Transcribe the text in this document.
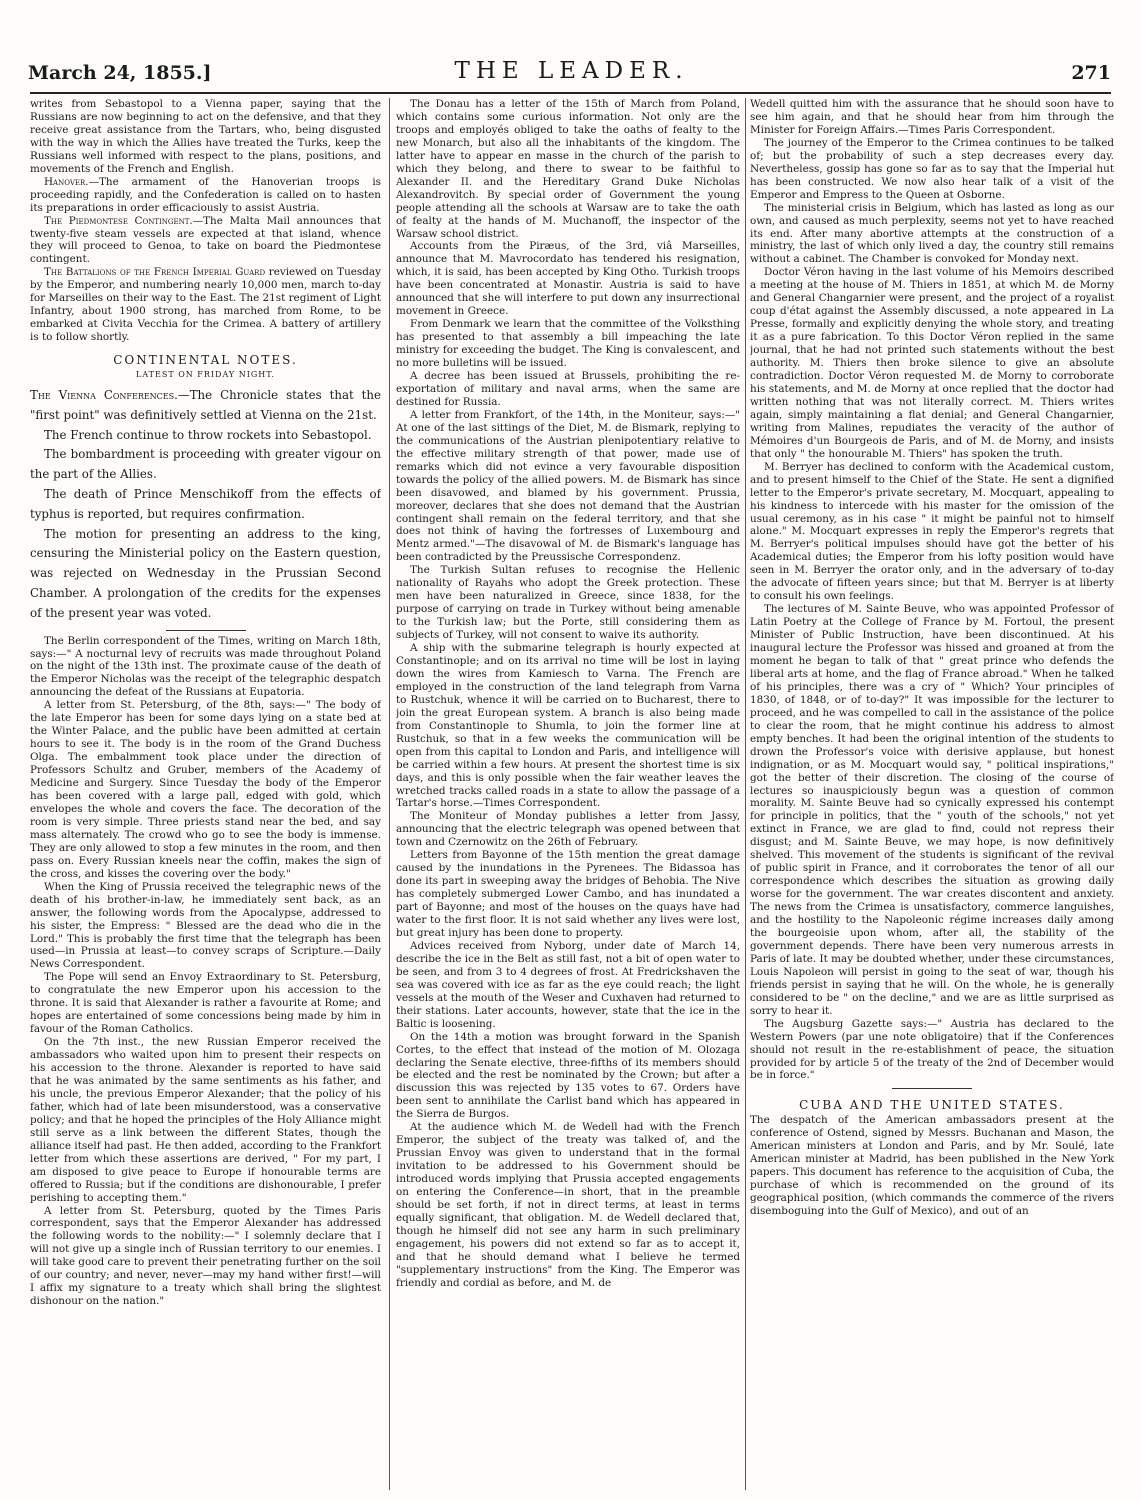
March 24, 1855.]	THE LEADER.	271

writes from Sebastopol to a Vienna paper, saying that the Russians are now beginning to act on the defensive, and that they receive great assistance from the Tartars, who, being disgusted with the way in which the Allies have treated the Turks, keep the Russians well informed with respect to the plans, positions, and movements of the French and English.

Hanover.—The armament of the Hanoverian troops is proceeding rapidly, and the Confederation is called on to hasten its preparations in order efficaciously to assist Austria.

The Piedmontese Contingent.—The Malta Mail announces that twenty-five steam vessels are expected at that island, whence they will proceed to Genoa, to take on board the Piedmontese contingent.

The Battalions of the French Imperial Guard reviewed on Tuesday by the Emperor, and numbering nearly 10,000 men, march to-day for Marseilles on their way to the East. The 21st regiment of Light Infantry, about 1900 strong, has marched from Rome, to be embarked at Civita Vecchia for the Crimea. A battery of artillery is to follow shortly.

CONTINENTAL NOTES.
LATEST ON FRIDAY NIGHT.

The Vienna Conferences.—The Chronicle states that the "first point" was definitively settled at Vienna on the 21st.

The French continue to throw rockets into Sebastopol.

The bombardment is proceeding with greater vigour on the part of the Allies.

The death of Prince Menschikoff from the effects of typhus is reported, but requires confirmation.

The motion for presenting an address to the king, censuring the Ministerial policy on the Eastern question, was rejected on Wednesday in the Prussian Second Chamber. A prolongation of the credits for the expenses of the present year was voted.

The Berlin correspondent of the Times, writing on March 18th, says:—" A nocturnal levy of recruits was made throughout Poland on the night of the 13th inst. The proximate cause of the death of the Emperor Nicholas was the receipt of the telegraphic despatch announcing the defeat of the Russians at Eupatoria.

A letter from St. Petersburg, of the 8th, says:—" The body of the late Emperor has been for some days lying on a state bed at the Winter Palace, and the public have been admitted at certain hours to see it. The body is in the room of the Grand Duchess Olga. The embalmment took place under the direction of Professors Schultz and Gruber, members of the Academy of Medicine and Surgery. Since Tuesday the body of the Emperor has been covered with a large pall, edged with gold, which envelopes the whole and covers the face. The decoration of the room is very simple. Three priests stand near the bed, and say mass alternately. The crowd who go to see the body is immense. They are only allowed to stop a few minutes in the room, and then pass on. Every Russian kneels near the coffin, makes the sign of the cross, and kisses the covering over the body."

When the King of Prussia received the telegraphic news of the death of his brother-in-law, he immediately sent back, as an answer, the following words from the Apocalypse, addressed to his sister, the Empress: " Blessed are the dead who die in the Lord." This is probably the first time that the telegraph has been used—in Prussia at least—to convey scraps of Scripture.—Daily News Correspondent.

The Pope will send an Envoy Extraordinary to St. Petersburg, to congratulate the new Emperor upon his accession to the throne. It is said that Alexander is rather a favourite at Rome; and hopes are entertained of some concessions being made by him in favour of the Roman Catholics.

On the 7th inst., the new Russian Emperor received the ambassadors who waited upon him to present their respects on his accession to the throne. Alexander is reported to have said that he was animated by the same sentiments as his father, and his uncle, the previous Emperor Alexander; that the policy of his father, which had of late been misunderstood, was a conservative policy; and that he hoped the principles of the Holy Alliance might still serve as a link between the different States, though the alliance itself had past. He then added, according to the Frankfort letter from which these assertions are derived, " For my part, I am disposed to give peace to Europe if honourable terms are offered to Russia; but if the conditions are dishonourable, I prefer perishing to accepting them."

A letter from St. Petersburg, quoted by the Times Paris correspondent, says that the Emperor Alexander has addressed the following words to the nobility:—" I solemnly declare that I will not give up a single inch of Russian territory to our enemies. I will take good care to prevent their penetrating further on the soil of our country; and never, never—may my hand wither first!—will I affix my signature to a treaty which shall bring the slightest dishonour on the nation."

The Donau has a letter of the 15th of March from Poland, which contains some curious information. Not only are the troops and employés obliged to take the oaths of fealty to the new Monarch, but also all the inhabitants of the kingdom. The latter have to appear en masse in the church of the parish to which they belong, and there to swear to be faithful to Alexander II. and the Hereditary Grand Duke Nicholas Alexandrovitch. By special order of Government the young people attending all the schools at Warsaw are to take the oath of fealty at the hands of M. Muchanoff, the inspector of the Warsaw school district.

Accounts from the Piræus, of the 3rd, viâ Marseilles, announce that M. Mavrocordato has tendered his resignation, which, it is said, has been accepted by King Otho. Turkish troops have been concentrated at Monastir. Austria is said to have announced that she will interfere to put down any insurrectional movement in Greece.

From Denmark we learn that the committee of the Volksthing has presented to that assembly a bill impeaching the late ministry for exceeding the budget. The King is convalescent, and no more bulletins will be issued.

A decree has been issued at Brussels, prohibiting the re-exportation of military and naval arms, when the same are destined for Russia.

A letter from Frankfort, of the 14th, in the Moniteur, says:—" At one of the last sittings of the Diet, M. de Bismark, replying to the communications of the Austrian plenipotentiary relative to the effective military strength of that power, made use of remarks which did not evince a very favourable disposition towards the policy of the allied powers. M. de Bismark has since been disavowed, and blamed by his government. Prussia, moreover, declares that she does not demand that the Austrian contingent shall remain on the federal territory, and that she does not think of having the fortresses of Luxembourg and Mentz armed."—The disavowal of M. de Bismark's language has been contradicted by the Preussische Correspondenz.

The Turkish Sultan refuses to recognise the Hellenic nationality of Rayahs who adopt the Greek protection. These men have been naturalized in Greece, since 1838, for the purpose of carrying on trade in Turkey without being amenable to the Turkish law; but the Porte, still considering them as subjects of Turkey, will not consent to waive its authority.

A ship with the submarine telegraph is hourly expected at Constantinople; and on its arrival no time will be lost in laying down the wires from Kamiesch to Varna. The French are employed in the construction of the land telegraph from Varna to Rustchuk, whence it will be carried on to Bucharest, there to join the great European system. A branch is also being made from Constantinople to Shumla, to join the former line at Rustchuk, so that in a few weeks the communication will be open from this capital to London and Paris, and intelligence will be carried within a few hours. At present the shortest time is six days, and this is only possible when the fair weather leaves the wretched tracks called roads in a state to allow the passage of a Tartar's horse.—Times Correspondent.

The Moniteur of Monday publishes a letter from Jassy, announcing that the electric telegraph was opened between that town and Czernowitz on the 26th of February.

Letters from Bayonne of the 15th mention the great damage caused by the inundations in the Pyrenees. The Bidassoa has done its part in sweeping away the bridges of Behobia. The Nive has completely submerged Lower Cambo, and has inundated a part of Bayonne; and most of the houses on the quays have had water to the first floor. It is not said whether any lives were lost, but great injury has been done to property.

Advices received from Nyborg, under date of March 14, describe the ice in the Belt as still fast, not a bit of open water to be seen, and from 3 to 4 degrees of frost. At Fredrickshaven the sea was covered with ice as far as the eye could reach; the light vessels at the mouth of the Weser and Cuxhaven had returned to their stations. Later accounts, however, state that the ice in the Baltic is loosening.

On the 14th a motion was brought forward in the Spanish Cortes, to the effect that instead of the motion of M. Olozaga declaring the Senate elective, three-fifths of its members should be elected and the rest be nominated by the Crown; but after a discussion this was rejected by 135 votes to 67. Orders have been sent to annihilate the Carlist band which has appeared in the Sierra de Burgos.

At the audience which M. de Wedell had with the French Emperor, the subject of the treaty was talked of, and the Prussian Envoy was given to understand that in the formal invitation to be addressed to his Government should be introduced words implying that Prussia accepted engagements on entering the Conference—in short, that in the preamble should be set forth, if not in direct terms, at least in terms equally significant, that obligation. M. de Wedell declared that, though he himself did not see any harm in such preliminary engagement, his powers did not extend so far as to accept it, and that he should demand what I believe he termed "supplementary instructions" from the King. The Emperor was friendly and cordial as before, and M. de

Wedell quitted him with the assurance that he should soon have to see him again, and that he should hear from him through the Minister for Foreign Affairs.—Times Paris Correspondent.

The journey of the Emperor to the Crimea continues to be talked of; but the probability of such a step decreases every day. Nevertheless, gossip has gone so far as to say that the Imperial hut has been constructed. We now also hear talk of a visit of the Emperor and Empress to the Queen at Osborne.

The ministerial crisis in Belgium, which has lasted as long as our own, and caused as much perplexity, seems not yet to have reached its end. After many abortive attempts at the construction of a ministry, the last of which only lived a day, the country still remains without a cabinet. The Chamber is convoked for Monday next.

Doctor Véron having in the last volume of his Memoirs described a meeting at the house of M. Thiers in 1851, at which M. de Morny and General Changarnier were present, and the project of a royalist coup d'état against the Assembly discussed, a note appeared in La Presse, formally and explicitly denying the whole story, and treating it as a pure fabrication. To this Doctor Véron replied in the same journal, that he had not printed such statements without the best authority. M. Thiers then broke silence to give an absolute contradiction. Doctor Véron requested M. de Morny to corroborate his statements, and M. de Morny at once replied that the doctor had written nothing that was not literally correct. M. Thiers writes again, simply maintaining a flat denial; and General Changarnier, writing from Malines, repudiates the veracity of the author of Mémoires d'un Bourgeois de Paris, and of M. de Morny, and insists that only " the honourable M. Thiers" has spoken the truth.

M. Berryer has declined to conform with the Academical custom, and to present himself to the Chief of the State. He sent a dignified letter to the Emperor's private secretary, M. Mocquart, appealing to his kindness to intercede with his master for the omission of the usual ceremony, as in his case " it might be painful not to himself alone." M. Mocquart expresses in reply the Emperor's regrets that M. Berryer's political impulses should have got the better of his Academical duties; the Emperor from his lofty position would have seen in M. Berryer the orator only, and in the adversary of to-day the advocate of fifteen years since; but that M. Berryer is at liberty to consult his own feelings.

The lectures of M. Sainte Beuve, who was appointed Professor of Latin Poetry at the College of France by M. Fortoul, the present Minister of Public Instruction, have been discontinued. At his inaugural lecture the Professor was hissed and groaned at from the moment he began to talk of that " great prince who defends the liberal arts at home, and the flag of France abroad." When he talked of his principles, there was a cry of " Which? Your principles of 1830, of 1848, or of to-day?" It was impossible for the lecturer to proceed, and he was compelled to call in the assistance of the police to clear the room, that he might continue his address to almost empty benches. It had been the original intention of the students to drown the Professor's voice with derisive applause, but honest indignation, or as M. Mocquart would say, " political inspirations," got the better of their discretion. The closing of the course of lectures so inauspiciously begun was a question of common morality. M. Sainte Beuve had so cynically expressed his contempt for principle in politics, that the " youth of the schools," not yet extinct in France, we are glad to find, could not repress their disgust; and M. Sainte Beuve, we may hope, is now definitively shelved. This movement of the students is significant of the revival of public spirit in France, and it corroborates the tenor of all our correspondence which describes the situation as growing daily worse for the government. The war creates discontent and anxiety. The news from the Crimea is unsatisfactory, commerce languishes, and the hostility to the Napoleonic régime increases daily among the bourgeoisie upon whom, after all, the stability of the government depends. There have been very numerous arrests in Paris of late. It may be doubted whether, under these circumstances, Louis Napoleon will persist in going to the seat of war, though his friends persist in saying that he will. On the whole, he is generally considered to be " on the decline," and we are as little surprised as sorry to hear it.

The Augsburg Gazette says:—" Austria has declared to the Western Powers (par une note obligatoire) that if the Conferences should not result in the re-establishment of peace, the situation provided for by article 5 of the treaty of the 2nd of December would be in force."

CUBA AND THE UNITED STATES.

The despatch of the American ambassadors present at the conference of Ostend, signed by Messrs. Buchanan and Mason, the American ministers at London and Paris, and by Mr. Soulé, late American minister at Madrid, has been published in the New York papers. This document has reference to the acquisition of Cuba, the purchase of which is recommended on the ground of its geographical position, (which commands the commerce of the rivers disemboguing into the Gulf of Mexico), and out of an
